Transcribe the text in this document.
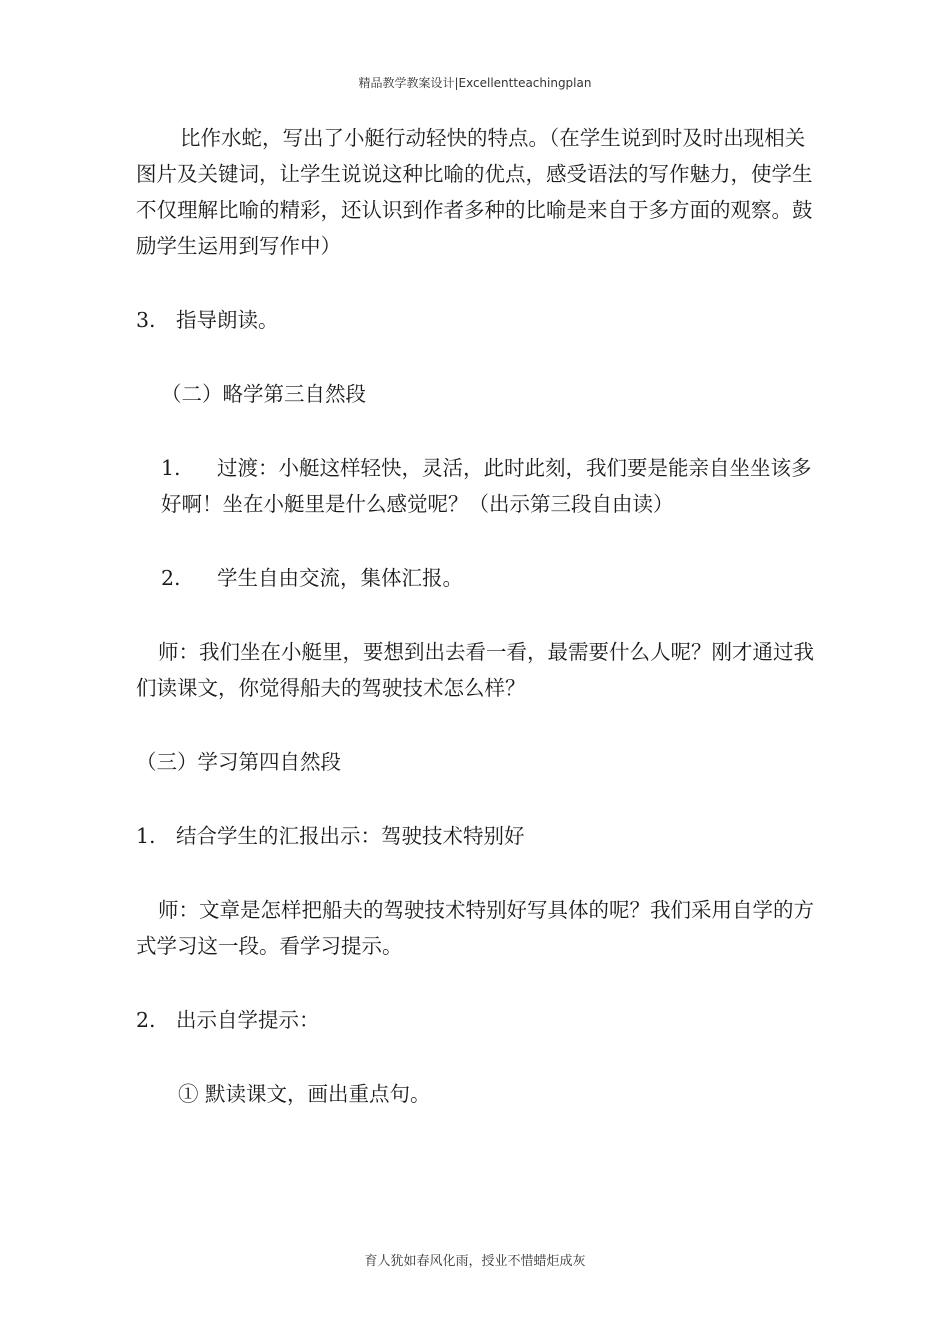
精品教学教案设计|Excellentteachingplan

比作水蛇，写出了小艇行动轻快的特点。（在学生说到时及时出现相关图片及关键词，让学生说说这种比喻的优点，感受语法的写作魅力，使学生不仅理解比喻的精彩，还认识到作者多种的比喻是来自于多方面的观察。鼓励学生运用到写作中）

3. 指导朗读。

（二）略学第三自然段

1. 过渡：小艇这样轻快，灵活，此时此刻，我们要是能亲自坐坐该多好啊！坐在小艇里是什么感觉呢？（出示第三段自由读）

2. 学生自由交流，集体汇报。

师：我们坐在小艇里，要想到出去看一看，最需要什么人呢？刚才通过我们读课文，你觉得船夫的驾驶技术怎么样？

（三）学习第四自然段

1. 结合学生的汇报出示：驾驶技术特别好

师：文章是怎样把船夫的驾驶技术特别好写具体的呢？我们采用自学的方式学习这一段。看学习提示。

2. 出示自学提示：

① 默读课文，画出重点句。

育人犹如春风化雨，授业不惜蜡炬成灰
